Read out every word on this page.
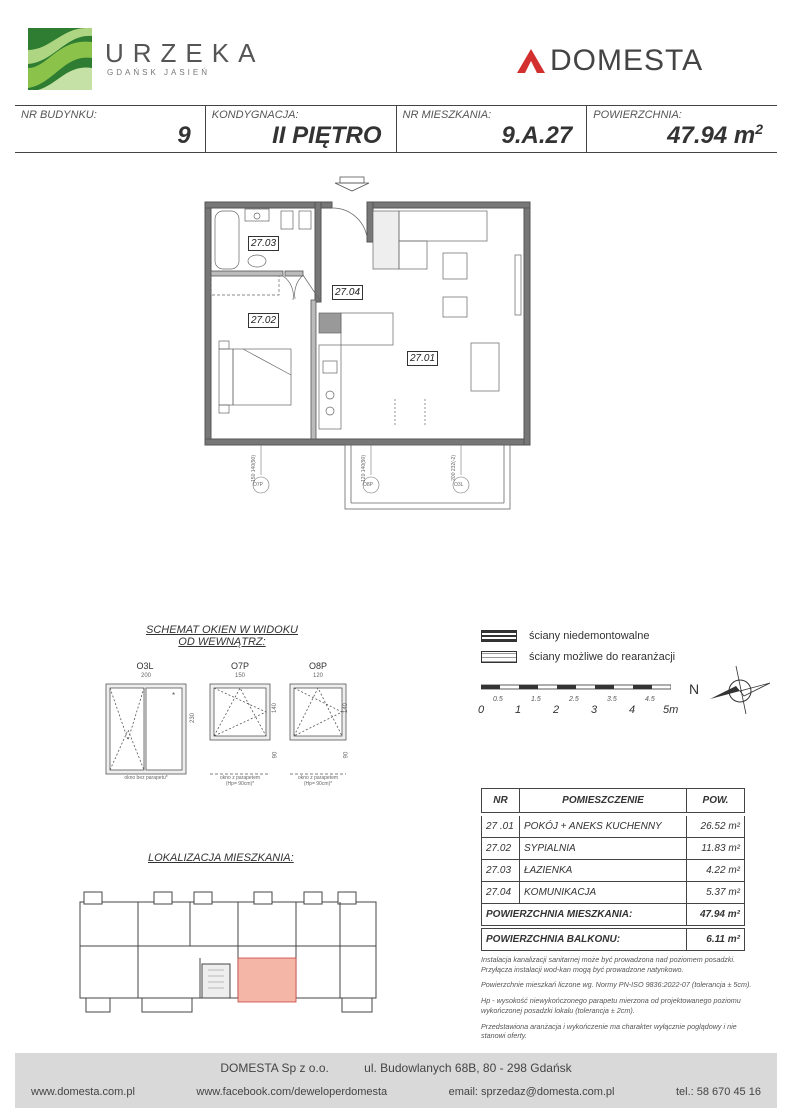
URZEKA
GDAŃSK JASIEŃ	DOMESTA
NR BUDYNKU:
9
KONDYGNACJA:
II PIĘTRO
NR MIESZKANIA:
9.A.27
POWIERZCHNIA:
47.94 $m^2$
27.03
27.04
27.02
27.01
150 140(90)
O7P
120 140(90)
O8P
200 232(-2)
O3L
ściany niedemontowalne
ściany możliwe do rearanżacji
0.5	1.5	2.5	3.5	4.5
0	1	2	3	4	5m
N
SCHEMAT OKIEN W WIDOKU
OD WEWNĄTRZ:
O3L	O7P	O8P
200	150	120
*
230
140
90
140
90
okno bez parapetu*	okno z parapetem
(Hp= 90cm)*
okno z parapetem
(Hp= 90cm)*
LOKALIZACJA MIESZKANIA:
NR	POMIESZCZENIE	POW.

27 .01	POKÓJ + ANEKS KUCHENNY	26.52 m²
27.02	SYPIALNIA	11.83 m²
27.03	ŁAZIENKA	4.22 m²
27.04	KOMUNIKACJA	5.37 m²
POWIERZCHNIA MIESZKANIA:		47.94 m²

POWIERZCHNIA BALKONU:		6.11 m²

Instalacja kanalizacji sanitarnej może być prowadzona nad poziomem posadzki. Przyłącza instalacji wod-kan mogą być prowadzone natynkowo.

Powierzchnie mieszkań liczone wg. Normy PN-ISO 9836:2022-07 (tolerancja ± 5cm).

Hp - wysokość niewykończonego parapetu mierzona od projektowanego poziomu wykończonej posadzki lokalu (tolerancja ± 2cm).

Przedstawiona aranżacja i wykończenie ma charakter wyłącznie poglądowy i nie stanowi oferty.

DOMESTA Sp z o.o.	ul. Budowlanych 68B, 80 - 298 Gdańsk
www.domesta.com.pl	www.facebook.com/deweloperdomesta	email: sprzedaz@domesta.com.pl	tel.: 58 670 45 16
